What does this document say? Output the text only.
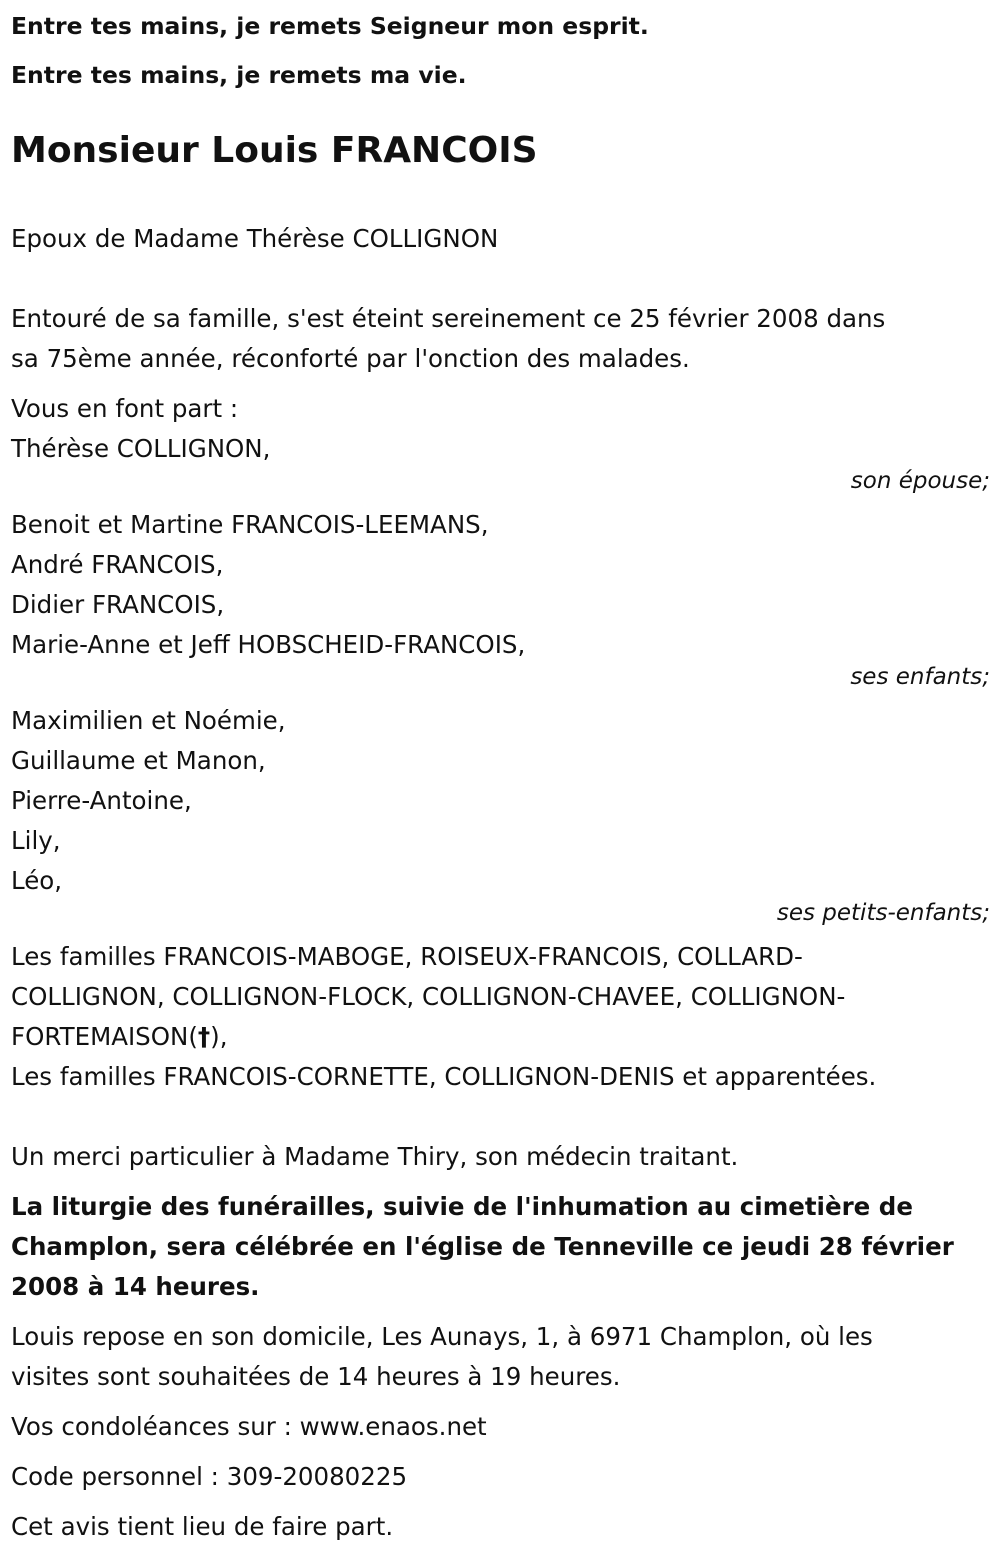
Entre tes mains, je remets Seigneur mon esprit.

Entre tes mains, je remets ma vie.

Monsieur Louis FRANCOIS

Epoux de Madame Thérèse COLLIGNON

Entouré de sa famille, s'est éteint sereinement ce 25 février 2008 dans

sa 75ème année, réconforté par l'onction des malades.

Vous en font part :

Thérèse COLLIGNON,

son épouse;

Benoit et Martine FRANCOIS-LEEMANS,

André FRANCOIS,

Didier FRANCOIS,

Marie-Anne et Jeff HOBSCHEID-FRANCOIS,

ses enfants;

Maximilien et Noémie,

Guillaume et Manon,

Pierre-Antoine,

Lily,

Léo,

ses petits-enfants;

Les familles FRANCOIS-MABOGE, ROISEUX-FRANCOIS, COLLARD-

COLLIGNON, COLLIGNON-FLOCK, COLLIGNON-CHAVEE, COLLIGNON-

FORTEMAISON(†),

Les familles FRANCOIS-CORNETTE, COLLIGNON-DENIS et apparentées.

Un merci particulier à Madame Thiry, son médecin traitant.

La liturgie des funérailles, suivie de l'inhumation au cimetière de

Champlon, sera célébrée en l'église de Tenneville ce jeudi 28 février

2008 à 14 heures.

Louis repose en son domicile, Les Aunays, 1, à 6971 Champlon, où les

visites sont souhaitées de 14 heures à 19 heures.

Vos condoléances sur : www.enaos.net

Code personnel : 309-20080225

Cet avis tient lieu de faire part.
